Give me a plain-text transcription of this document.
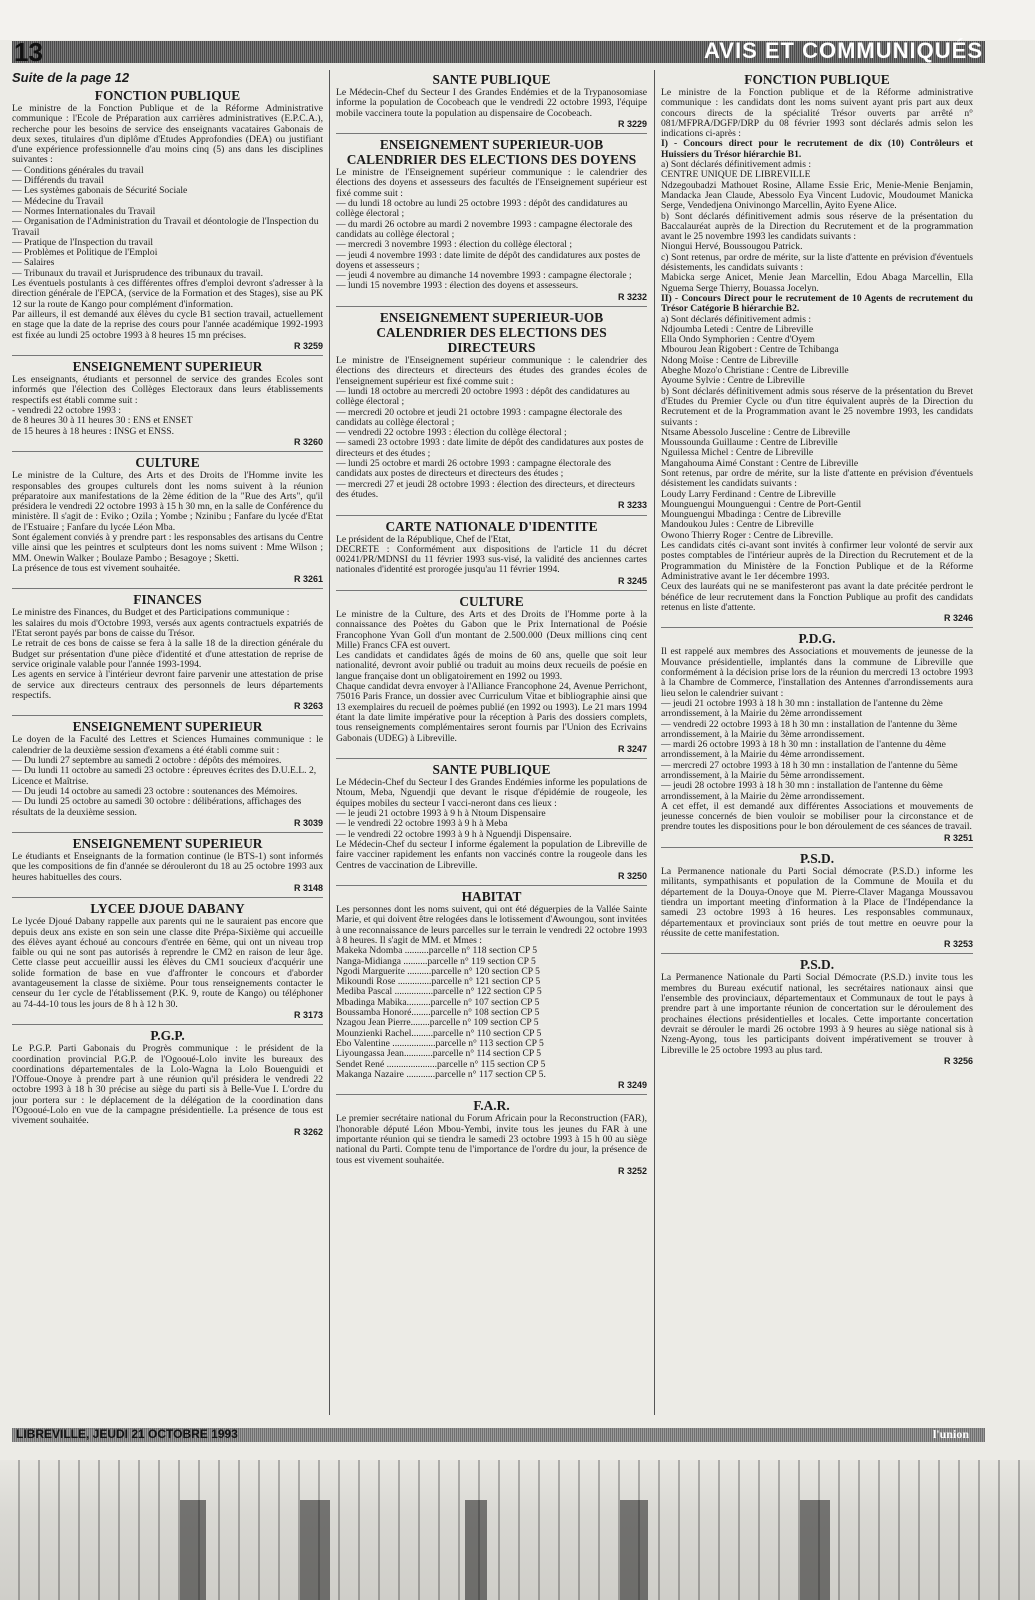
13	AVIS ET COMMUNIQUÉS

Suite de la page 12

FONCTION PUBLIQUE

Le ministre de la Fonction Publique et de la Réforme Administrative communique : l'Ecole de Préparation aux carrières administratives (E.P.C.A.), recherche pour les besoins de service des enseignants vacataires Gabonais de deux sexes, titulaires d'un diplôme d'Etudes Approfondies (DEA) ou justifiant d'une expérience professionnelle d'au moins cinq (5) ans dans les disciplines suivantes :

— Conditions générales du travail
— Différends du travail
— Les systèmes gabonais de Sécurité Sociale
— Médecine du Travail
— Normes Internationales du Travail
— Organisation de l'Administration du Travail et déontologie de l'Inspection du Travail
— Pratique de l'Inspection du travail
— Problèmes et Politique de l'Emploi
— Salaires
— Tribunaux du travail et Jurisprudence des tribunaux du travail.

Les éventuels postulants à ces différentes offres d'emploi devront s'adresser à la direction générale de l'EPCA, (service de la Formation et des Stages), sise au PK 12 sur la route de Kango pour complément d'information.

Par ailleurs, il est demandé aux élèves du cycle B1 section travail, actuellement en stage que la date de la reprise des cours pour l'année académique 1992-1993 est fixée au lundi 25 octobre 1993 à 8 heures 15 mn précises.

R 3259

ENSEIGNEMENT SUPERIEUR

Les enseignants, étudiants et personnel de service des grandes Ecoles sont informés que l'élection des Collèges Electoraux dans leurs établissements respectifs est établi comme suit :

- vendredi 22 octobre 1993 :

de 8 heures 30 à 11 heures 30 : ENS et ENSET

de 15 heures à 18 heures : INSG et ENSS.

R 3260

CULTURE

Le ministre de la Culture, des Arts et des Droits de l'Homme invite les responsables des groupes culturels dont les noms suivent à la réunion préparatoire aux manifestations de la 2ème édition de la "Rue des Arts", qu'il présidera le vendredi 22 octobre 1993 à 15 h 30 mn, en la salle de Conférence du ministère. Il s'agit de : Eviko ; Ozila ; Yombe ; Nzinibu ; Fanfare du lycée d'Etat de l'Estuaire ; Fanfare du lycée Léon Mba.

Sont également conviés à y prendre part : les responsables des artisans du Centre ville ainsi que les peintres et sculpteurs dont les noms suivent : Mme Wilson ; MM. Onewin Walker ; Boulaze Pambo ; Besagoye ; Sketti.

La présence de tous est vivement souhaitée.

R 3261

FINANCES

Le ministre des Finances, du Budget et des Participations communique :

les salaires du mois d'Octobre 1993, versés aux agents contractuels expatriés de l'Etat seront payés par bons de caisse du Trésor.

Le retrait de ces bons de caisse se fera à la salle 18 de la direction générale du Budget sur présentation d'une pièce d'identité et d'une attestation de reprise de service originale valable pour l'année 1993-1994.

Les agents en service à l'intérieur devront faire parvenir une attestation de prise de service aux directeurs centraux des personnels de leurs départements respectifs.

R 3263

ENSEIGNEMENT SUPERIEUR

Le doyen de la Faculté des Lettres et Sciences Humaines communique : le calendrier de la deuxième session d'examens a été établi comme suit :

— Du lundi 27 septembre au samedi 2 octobre : dépôts des mémoires.
— Du lundi 11 octobre au samedi 23 octobre : épreuves écrites des D.U.E.L. 2, Licence et Maîtrise.
— Du jeudi 14 octobre au samedi 23 octobre : soutenances des Mémoires.
— Du lundi 25 octobre au samedi 30 octobre : délibérations, affichages des résultats de la deuxième session.

R 3039

ENSEIGNEMENT SUPERIEUR

Le étudiants et Enseignants de la formation continue (le BTS-1) sont informés que les compositions de fin d'année se dérouleront du 18 au 25 octobre 1993 aux heures habituelles des cours.

R 3148

LYCEE DJOUE DABANY

Le lycée Djoué Dabany rappelle aux parents qui ne le sauraient pas encore que depuis deux ans existe en son sein une classe dite Prépa-Sixième qui accueille des élèves ayant échoué au concours d'entrée en 6ème, qui ont un niveau trop faible ou qui ne sont pas autorisés à reprendre le CM2 en raison de leur âge. Cette classe peut accueillir aussi les élèves du CM1 soucieux d'acquérir une solide formation de base en vue d'affronter le concours et d'aborder avantageusement la classe de sixième. Pour tous renseignements contacter le censeur du 1er cycle de l'établissement (P.K. 9, route de Kango) ou téléphoner au 74-44-10 tous les jours de 8 h à 12 h 30.

R 3173

P.G.P.

Le P.G.P. Parti Gabonais du Progrès communique : le président de la coordination provincial P.G.P. de l'Ogooué-Lolo invite les bureaux des coordinations départementales de la Lolo-Wagna la Lolo Bouenguidi et l'Offoue-Onoye à prendre part à une réunion qu'il présidera le vendredi 22 octobre 1993 à 18 h 30 précise au siège du parti sis à Belle-Vue I. L'ordre du jour portera sur : le déplacement de la délégation de la coordination dans l'Ogooué-Lolo en vue de la campagne présidentielle. La présence de tous est vivement souhaitée.

R 3262

SANTE PUBLIQUE

Le Médecin-Chef du Secteur I des Grandes Endémies et de la Trypanosomiase informe la population de Cocobeach que le vendredi 22 octobre 1993, l'équipe mobile vaccinera toute la population au dispensaire de Cocobeach.

R 3229

ENSEIGNEMENT SUPERIEUR-UOB CALENDRIER DES ELECTIONS DES DOYENS

Le ministre de l'Enseignement supérieur communique : le calendrier des élections des doyens et assesseurs des facultés de l'Enseignement supérieur est fixé comme suit :

— du lundi 18 octobre au lundi 25 octobre 1993 : dépôt des candidatures au collège électoral ;
— du mardi 26 octobre au mardi 2 novembre 1993 : campagne électorale des candidats au collège électoral ;
— mercredi 3 novembre 1993 : élection du collège électoral ;
— jeudi 4 novembre 1993 : date limite de dépôt des candidatures aux postes de doyens et assesseurs ;
— jeudi 4 novembre au dimanche 14 novembre 1993 : campagne électorale ;
— lundi 15 novembre 1993 : élection des doyens et assesseurs.

R 3232

ENSEIGNEMENT SUPERIEUR-UOB CALENDRIER DES ELECTIONS DES DIRECTEURS

Le ministre de l'Enseignement supérieur communique : le calendrier des élections des directeurs et directeurs des études des grandes écoles de l'enseignement supérieur est fixé comme suit :

— lundi 18 octobre au mercredi 20 octobre 1993 : dépôt des candidatures au collège électoral ;
— mercredi 20 octobre et jeudi 21 octobre 1993 : campagne électorale des candidats au collège électoral ;
— vendredi 22 octobre 1993 : élection du collège électoral ;
— samedi 23 octobre 1993 : date limite de dépôt des candidatures aux postes de directeurs et des études ;
— lundi 25 octobre et mardi 26 octobre 1993 : campagne électorale des candidats aux postes de directeurs et directeurs des études ;
— mercredi 27 et jeudi 28 octobre 1993 : élection des directeurs, et directeurs des études.

R 3233

CARTE NATIONALE D'IDENTITE

Le président de la République, Chef de l'Etat,

DECRETE : Conformément aux dispositions de l'article 11 du décret 00241/PR/MDNSI du 11 février 1993 sus-visé, la validité des anciennes cartes nationales d'identité est prorogée jusqu'au 11 février 1994.

R 3245

CULTURE

Le ministre de la Culture, des Arts et des Droits de l'Homme porte à la connaissance des Poètes du Gabon que le Prix International de Poésie Francophone Yvan Goll d'un montant de 2.500.000 (Deux millions cinq cent Mille) Francs CFA est ouvert.

Les candidats et candidates âgés de moins de 60 ans, quelle que soit leur nationalité, devront avoir publié ou traduit au moins deux recueils de poésie en langue française dont un obligatoirement en 1992 ou 1993.

Chaque candidat devra envoyer à l'Alliance Francophone 24, Avenue Perrichont, 75016 Paris France, un dossier avec Curriculum Vitae et bibliographie ainsi que 13 exemplaires du recueil de poèmes publié (en 1992 ou 1993). Le 21 mars 1994 étant la date limite impérative pour la réception à Paris des dossiers complets, tous renseignements complémentaires seront fournis par l'Union des Ecrivains Gabonais (UDEG) à Libreville.

R 3247

SANTE PUBLIQUE

Le Médecin-Chef du Secteur I des Grandes Endémies informe les populations de Ntoum, Meba, Nguendji que devant le risque d'épidémie de rougeole, les équipes mobiles du secteur I vacci-neront dans ces lieux :

— le jeudi 21 octobre 1993 à 9 h à Ntoum Dispensaire
— le vendredi 22 octobre 1993 à 9 h à Meba
— le vendredi 22 octobre 1993 à 9 h à Nguendji Dispensaire.

Le Médecin-Chef du secteur I informe également la population de Libreville de faire vacciner rapidement les enfants non vaccinés contre la rougeole dans les Centres de vaccination de Libreville.

R 3250

HABITAT

Les personnes dont les noms suivent, qui ont été déguerpies de la Vallée Sainte Marie, et qui doivent être relogées dans le lotissement d'Awoungou, sont invitées à une reconnaissance de leurs parcelles sur le terrain le vendredi 22 octobre 1993 à 8 heures. Il s'agit de MM. et Mmes :

Makeka Ndomba ..........parcelle n° 118 section CP 5
Nanga-Midianga ..........parcelle n° 119 section CP 5
Ngodi Marguerite ..........parcelle n° 120 section CP 5
Mikoundi Rose ..............parcelle n° 121 section CP 5
Mediba Pascal ................parcelle n° 122 section CP 5
Mbadinga Mabika..........parcelle n° 107 section CP 5
Boussamba Honoré........parcelle n° 108 section CP 5
Nzagou Jean Pierre........parcelle n° 109 section CP 5
Mounzienki Rachel.........parcelle n° 110 section CP 5
Ebo Valentine ..................parcelle n° 113 section CP 5
Liyoungassa Jean............parcelle n° 114 section CP 5
Sendet René .....................parcelle n° 115 section CP 5
Makanga Nazaire ............parcelle n° 117 section CP 5.

R 3249

F.A.R.

Le premier secrétaire national du Forum Africain pour la Reconstruction (FAR), l'honorable député Léon Mbou-Yembi, invite tous les jeunes du FAR à une importante réunion qui se tiendra le samedi 23 octobre 1993 à 15 h 00 au siège national du Parti. Compte tenu de l'importance de l'ordre du jour, la présence de tous est vivement souhaitée.

R 3252

FONCTION PUBLIQUE

Le ministre de la Fonction publique et de la Réforme administrative communique : les candidats dont les noms suivent ayant pris part aux deux concours directs de la spécialité Trésor ouverts par arrêté n° 081/MFPRA/DGFP/DRP du 08 février 1993 sont déclarés admis selon les indications ci-après :

I) - Concours direct pour le recrutement de dix (10) Contrôleurs et Huissiers du Trésor hiérarchie B1.

a) Sont déclarés définitivement admis :

CENTRE UNIQUE DE LIBREVILLE

Ndzegoubadzi Mathouet Rosine, Allame Essie Eric, Menie-Menie Benjamin, Mandacka Jean Claude, Abessolo Eya Vincent Ludovic, Moudoumet Manicka Serge, Vendedjena Onivinongo Marcellin, Ayito Eyene Alice.

b) Sont déclarés définitivement admis sous réserve de la présentation du Baccalauréat auprès de la Direction du Recrutement et de la programmation avant le 25 novembre 1993 les candidats suivants :

Niongui Hervé, Boussougou Patrick.

c) Sont retenus, par ordre de mérite, sur la liste d'attente en prévision d'éventuels désistements, les candidats suivants :

Mabicka serge Anicet, Menie Jean Marcellin, Edou Abaga Marcellin, Ella Nguema Serge Thierry, Bouassa Jocelyn.

II) - Concours Direct pour le recrutement de 10 Agents de recrutement du Trésor Catégorie B hiérarchie B2.

a) Sont déclarés définitivement admis :

Ndjoumba Letedi : Centre de Libreville
Ella Ondo Symphorien : Centre d'Oyem
Mbourou Jean Rigobert : Centre de Tchibanga
Ndong Moïse : Centre de Libreville
Abeghe Mozo'o Christiane : Centre de Libreville
Ayoume Sylvie : Centre de Libreville

b) Sont déclarés définitivement admis sous réserve de la présentation du Brevet d'Etudes du Premier Cycle ou d'un titre équivalent auprès de la Direction du Recrutement et de la Programmation avant le 25 novembre 1993, les candidats suivants :

Ntsame Abessolo Jusceline : Centre de Libreville
Moussounda Guillaume : Centre de Libreville
Nguilessa Michel : Centre de Libreville
Mangahouma Aimé Constant : Centre de Libreville

Sont retenus, par ordre de mérite, sur la liste d'attente en prévision d'éventuels désistement les candidats suivants :

Loudy Larry Ferdinand : Centre de Libreville
Mounguengui Mounguengui : Centre de Port-Gentil
Mounguengui Mbadinga : Centre de Libreville
Mandoukou Jules : Centre de Libreville
Owono Thierry Roger : Centre de Libreville.

Les candidats cités ci-avant sont invités à confirmer leur volonté de servir aux postes comptables de l'intérieur auprès de la Direction du Recrutement et de la Programmation du Ministère de la Fonction Publique et de la Réforme Administrative avant le 1er décembre 1993.

Ceux des lauréats qui ne se manifesteront pas avant la date précitée perdront le bénéfice de leur recrutement dans la Fonction Publique au profit des candidats retenus en liste d'attente.

R 3246

P.D.G.

Il est rappelé aux membres des Associations et mouvements de jeunesse de la Mouvance présidentielle, implantés dans la commune de Libreville que conformément à la décision prise lors de la réunion du mercredi 13 octobre 1993 à la Chambre de Commerce, l'installation des Antennes d'arrondissements aura lieu selon le calendrier suivant :

— jeudi 21 octobre 1993 à 18 h 30 mn : installation de l'antenne du 2ème arrondissement, à la Mairie du 2ème arrondissement
— vendredi 22 octobre 1993 à 18 h 30 mn : installation de l'antenne du 3ème arrondissement, à la Mairie du 3ème arrondissement.
— mardi 26 octobre 1993 à 18 h 30 mn : installation de l'antenne du 4ème arrondissement, à la Mairie du 4ème arrondissement.
— mercredi 27 octobre 1993 à 18 h 30 mn : installation de l'antenne du 5ème arrondissement, à la Mairie du 5ème arrondissement.
— jeudi 28 octobre 1993 à 18 h 30 mn : installation de l'antenne du 6ème arrondissement, à la Mairie du 2ème arrondissement.

A cet effet, il est demandé aux différentes Associations et mouvements de jeunesse concernés de bien vouloir se mobiliser pour la circonstance et de prendre toutes les dispositions pour le bon déroulement de ces séances de travail.

R 3251

P.S.D.

La Permanence nationale du Parti Social démocrate (P.S.D.) informe les militants, sympathisants et population de la Commune de Mouila et du département de la Douya-Onoye que M. Pierre-Claver Maganga Moussavou tiendra un important meeting d'information à la Place de l'Indépendance la samedi 23 octobre 1993 à 16 heures. Les responsables communaux, départementaux et provinciaux sont priés de tout mettre en oeuvre pour la réussite de cette manifestation.

R 3253

P.S.D.

La Permanence Nationale du Parti Social Démocrate (P.S.D.) invite tous les membres du Bureau exécutif national, les secrétaires nationaux ainsi que l'ensemble des provinciaux, départementaux et Communaux de tout le pays à prendre part à une importante réunion de concertation sur le déroulement des prochaines élections présidentielles et locales. Cette importante concertation devrait se dérouler le mardi 26 octobre 1993 à 9 heures au siège national sis à Nzeng-Ayong, tous les participants doivent impérativement se trouver à Libreville le 25 octobre 1993 au plus tard.

R 3256

LIBREVILLE, JEUDI 21 OCTOBRE 1993	l'union
